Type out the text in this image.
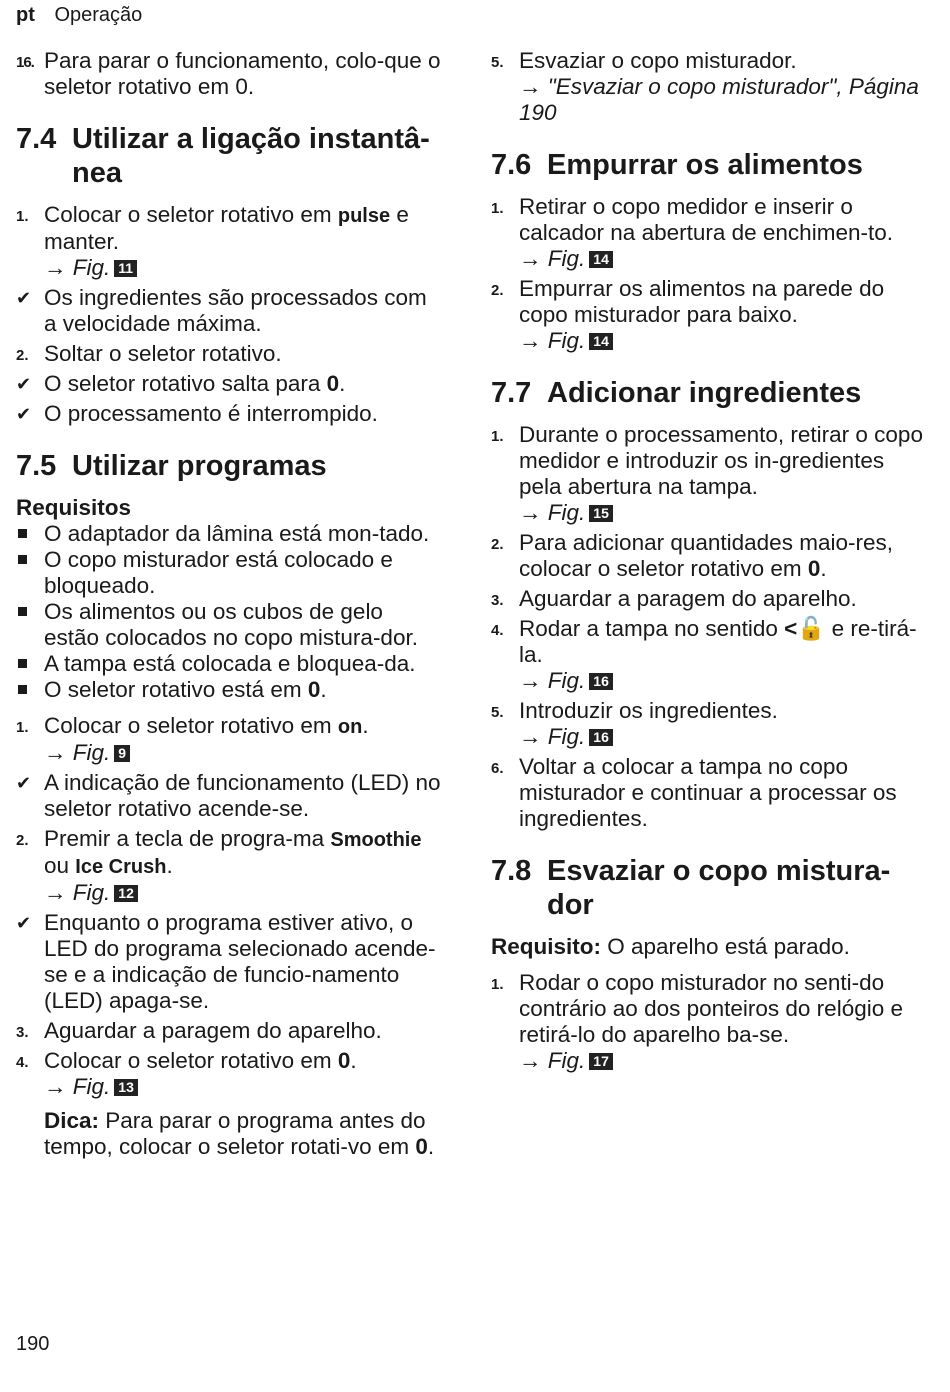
pt Operação
16. Para parar o funcionamento, colo-que o seletor rotativo em 0.
7.4 Utilizar a ligação instantâ-nea
1. Colocar o seletor rotativo em pulse e manter.
→ Fig. 11
✔ Os ingredientes são processados com a velocidade máxima.
2. Soltar o seletor rotativo.
✔ O seletor rotativo salta para 0.
✔ O processamento é interrompido.
7.5 Utilizar programas
Requisitos
O adaptador da lâmina está mon-tado.
O copo misturador está colocado e bloqueado.
Os alimentos ou os cubos de gelo estão colocados no copo mistura-dor.
A tampa está colocada e bloquea-da.
O seletor rotativo está em 0.
1. Colocar o seletor rotativo em on.
→ Fig. 9
✔ A indicação de funcionamento (LED) no seletor rotativo acende-se.
2. Premir a tecla de progra-ma Smoothie ou Ice Crush.
→ Fig. 12
✔ Enquanto o programa estiver ativo, o LED do programa selecionado acende-se e a indicação de funcio-namento (LED) apaga-se.
3. Aguardar a paragem do aparelho.
4. Colocar o seletor rotativo em 0.
→ Fig. 13
Dica: Para parar o programa antes do tempo, colocar o seletor rotati-vo em 0.
5. Esvaziar o copo misturador.
→ "Esvaziar o copo misturador", Página 190
7.6 Empurrar os alimentos
1. Retirar o copo medidor e inserir o calcador na abertura de enchimen-to.
→ Fig. 14
2. Empurrar os alimentos na parede do copo misturador para baixo.
→ Fig. 14
7.7 Adicionar ingredientes
1. Durante o processamento, retirar o copo medidor e introduzir os in-gredientes pela abertura na tampa.
→ Fig. 15
2. Para adicionar quantidades maio-res, colocar o seletor rotativo em 0.
3. Aguardar a paragem do aparelho.
4. Rodar a tampa no sentido <🔓 e re-tirá-la.
→ Fig. 16
5. Introduzir os ingredientes.
→ Fig. 16
6. Voltar a colocar a tampa no copo misturador e continuar a processar os ingredientes.
7.8 Esvaziar o copo mistura-dor
Requisito: O aparelho está parado.
1. Rodar o copo misturador no senti-do contrário ao dos ponteiros do relógio e retirá-lo do aparelho ba-se.
→ Fig. 17
190
